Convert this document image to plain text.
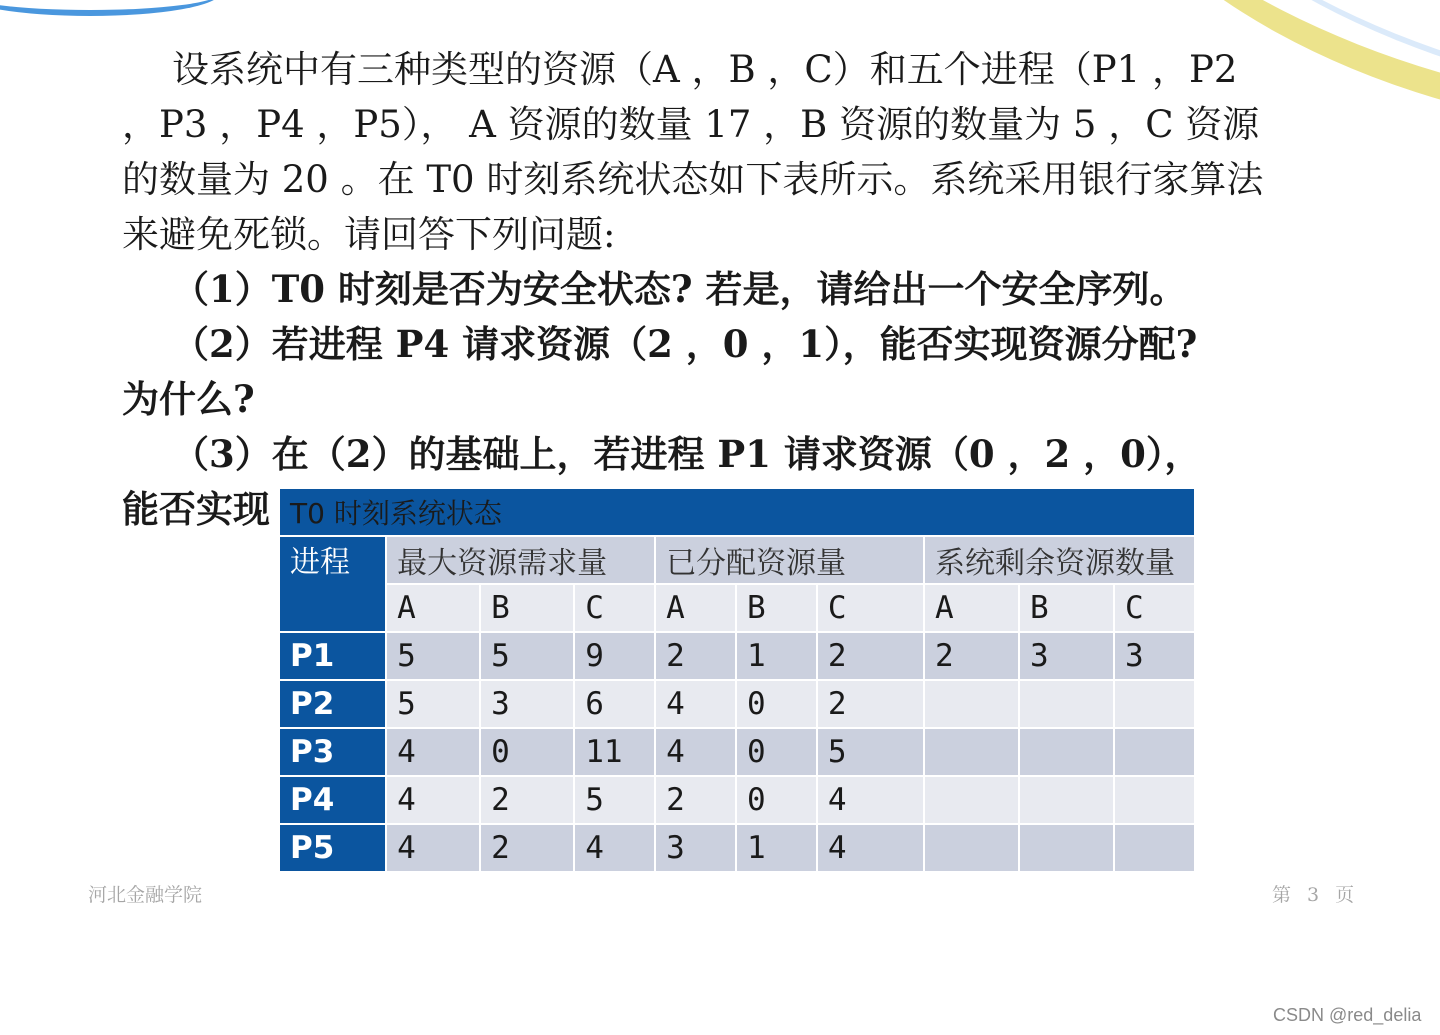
设系统中有三种类型的资源（A ，B ，C）和五个进程（P1 ，P2
，P3 ，P4 ，P5）， A 资源的数量 17 ，B 资源的数量为 5 ，C 资源
的数量为 20 。在 T0 时刻系统状态如下表所示。系统采用银行家算法
来避免死锁。请回答下列问题:
（1）T0 时刻是否为安全状态? 若是，请给出一个安全序列。
（2）若进程 P4 请求资源（2 ，0 ，1），能否实现资源分配?
为什么?
（3）在（2）的基础上，若进程 P1 请求资源（0 ，2 ，0），
能否实现 T0 时刻系统状态									
进程	最大资源需求量			已分配资源量			系统剩余资源数量		
	A	B	C	A	B	C	A	B	C
P1	5	5	9	2	1	2	2	3	3
P2	5	3	6	4	0	2			
P3	4	0	11	4	0	5			
P4	4	2	5	2	0	4			
P5	4	2	4	3	1	4			
河北金融学院	第 3 页
CSDN @red_delia
